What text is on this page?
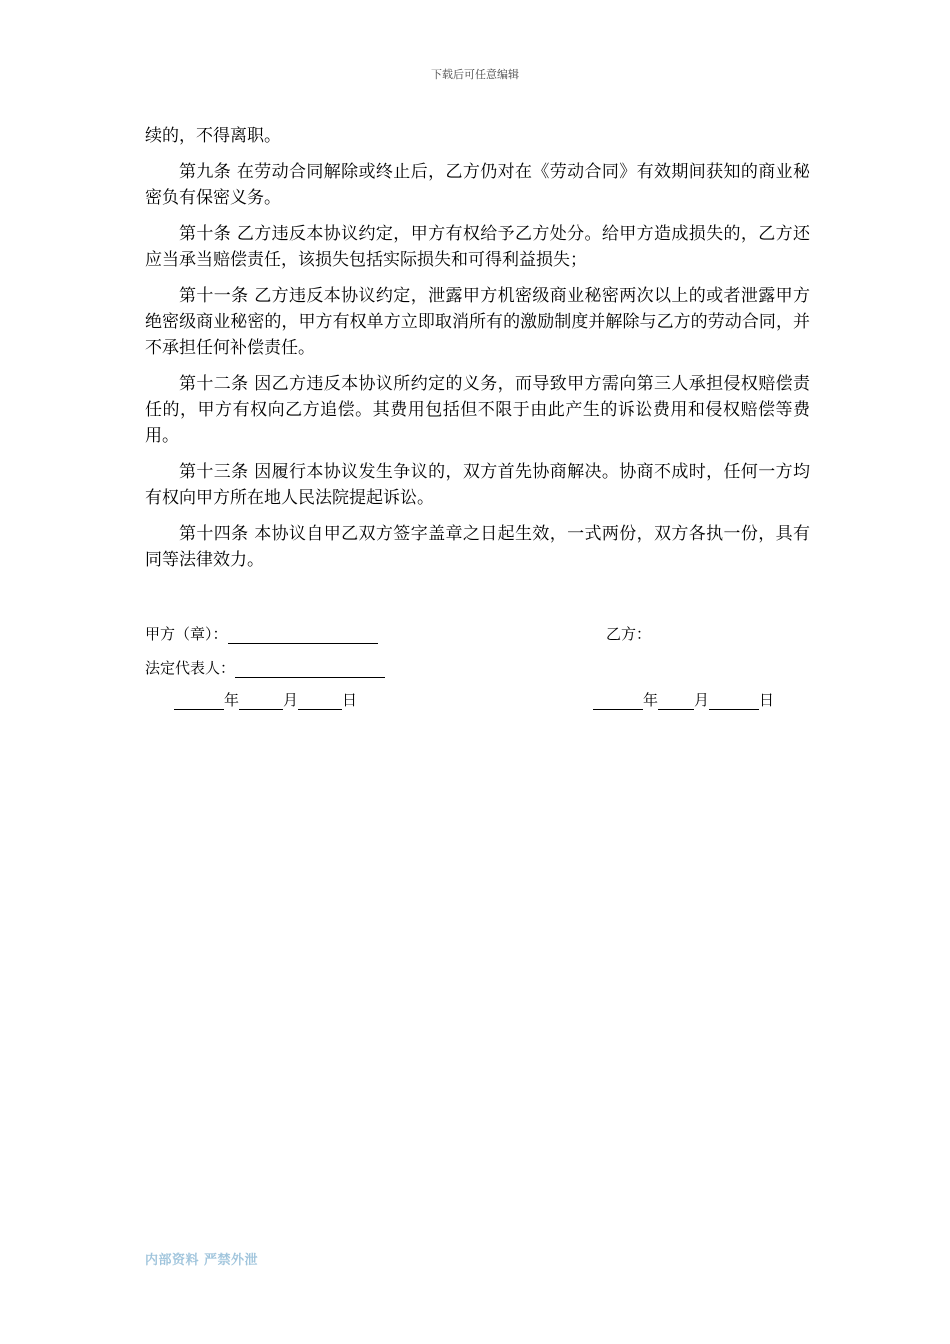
下载后可任意编辑

续的，不得离职。

第九条 在劳动合同解除或终止后，乙方仍对在《劳动合同》有效期间获知的商业秘密负有保密义务。

第十条 乙方违反本协议约定，甲方有权给予乙方处分。给甲方造成损失的，乙方还应当承当赔偿责任，该损失包括实际损失和可得利益损失；

第十一条 乙方违反本协议约定，泄露甲方机密级商业秘密两次以上的或者泄露甲方绝密级商业秘密的，甲方有权单方立即取消所有的激励制度并解除与乙方的劳动合同，并不承担任何补偿责任。

第十二条 因乙方违反本协议所约定的义务，而导致甲方需向第三人承担侵权赔偿责任的，甲方有权向乙方追偿。其费用包括但不限于由此产生的诉讼费用和侵权赔偿等费用。

第十三条 因履行本协议发生争议的，双方首先协商解决。协商不成时，任何一方均有权向甲方所在地人民法院提起诉讼。

第十四条 本协议自甲乙双方签字盖章之日起生效，一式两份，双方各执一份，具有同等法律效力。

甲方（章）：	乙方：
法定代表人：
年	月	日	年 月	日
内部资料 严禁外泄
